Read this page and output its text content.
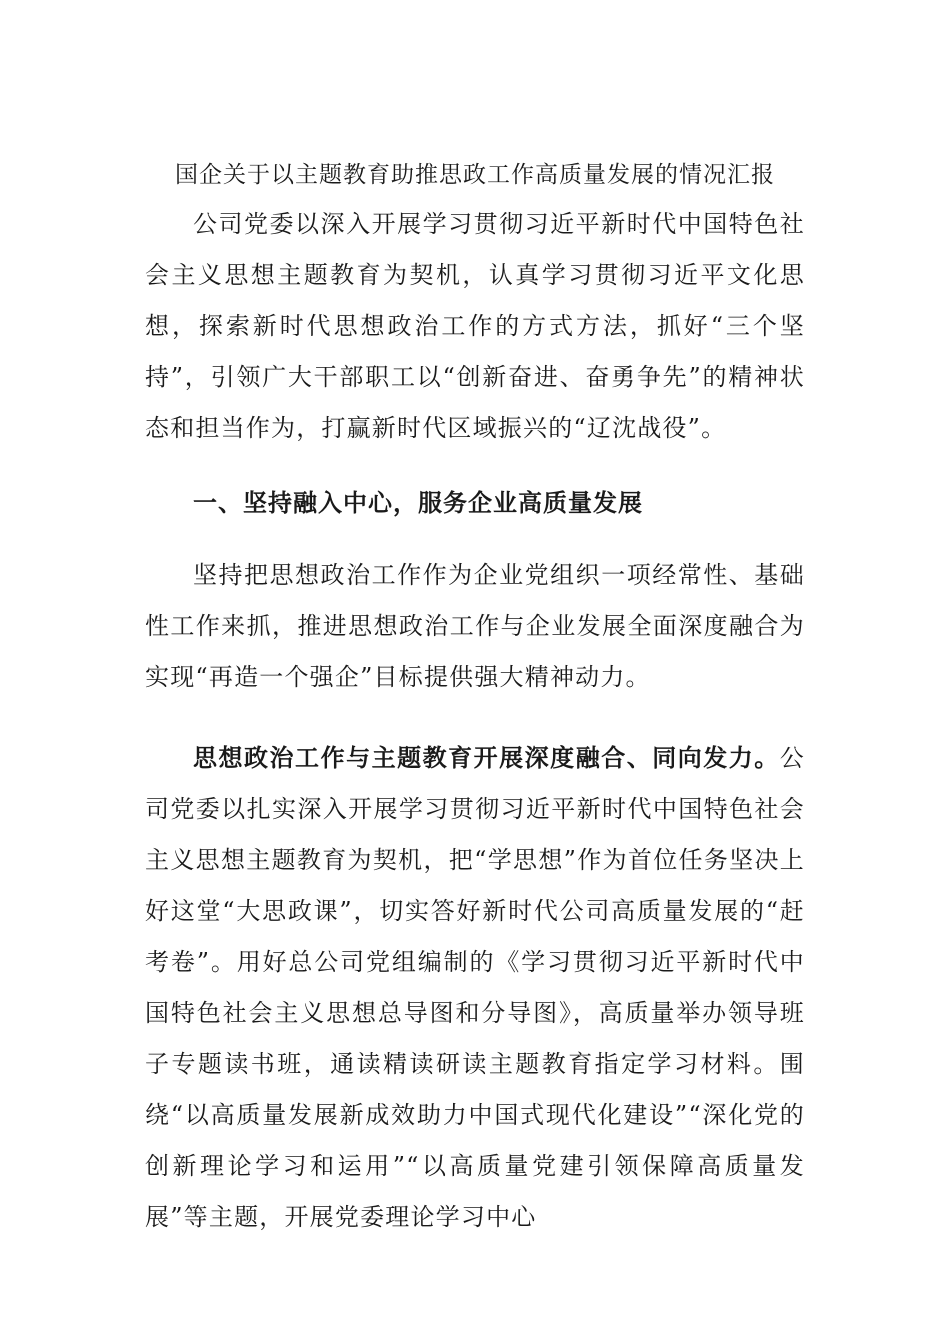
国企关于以主题教育助推思政工作高质量发展的情况汇报

公司党委以深入开展学习贯彻习近平新时代中国特色社会主义思想主题教育为契机，认真学习贯彻习近平文化思想，探索新时代思想政治工作的方式方法，抓好“三个坚持”，引领广大干部职工以“创新奋进、奋勇争先”的精神状态和担当作为，打赢新时代区域振兴的“辽沈战役”。

一、坚持融入中心，服务企业高质量发展

坚持把思想政治工作作为企业党组织一项经常性、基础性工作来抓，推进思想政治工作与企业发展全面深度融合为实现“再造一个强企”目标提供强大精神动力。

思想政治工作与主题教育开展深度融合、同向发力。公司党委以扎实深入开展学习贯彻习近平新时代中国特色社会主义思想主题教育为契机，把“学思想”作为首位任务坚决上好这堂“大思政课”，切实答好新时代公司高质量发展的“赶考卷”。用好总公司党组编制的《学习贯彻习近平新时代中国特色社会主义思想总导图和分导图》，高质量举办领导班子专题读书班，通读精读研读主题教育指定学习材料。围绕“以高质量发展新成效助力中国式现代化建设”“深化党的创新理论学习和运用”“以高质量党建引领保障高质量发展”等主题，开展党委理论学习中心
